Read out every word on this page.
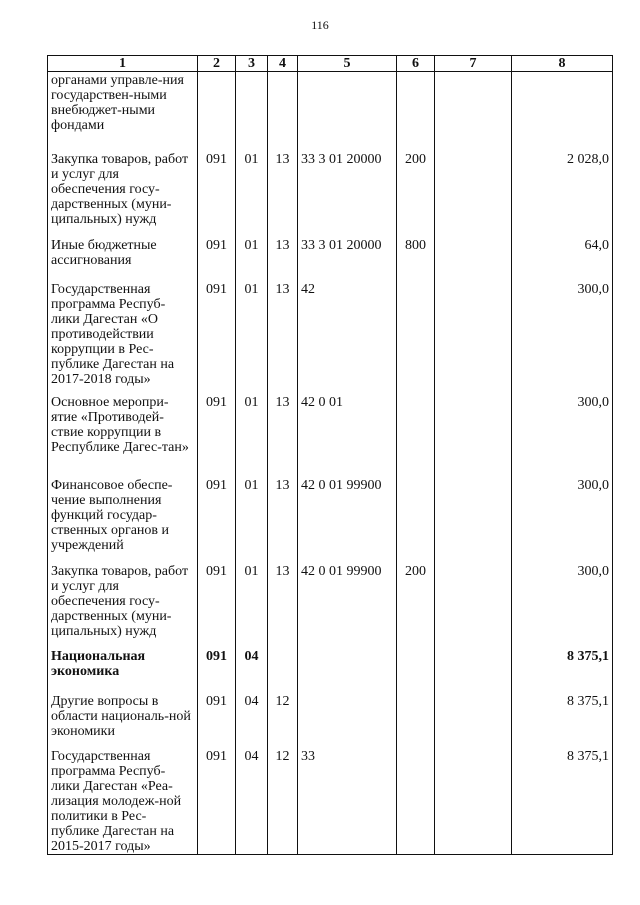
116
1	2	3	4	5	6	7	8
органами управле-ния государствен-ными внебюджет-ными фондами							
Закупка товаров, работ и услуг для обеспечения госу-дарственных (муни-ципальных) нужд	091	01	13	33 3 01 20000	200		2 028,0
Иные бюджетные ассигнования	091	01	13	33 3 01 20000	800		64,0
Государственная программа Респуб-лики Дагестан «О противодействии коррупции в Рес-публике Дагестан на 2017-2018 годы»	091	01	13	42			300,0
Основное меропри-ятие «Противодей-ствие коррупции в Республике Дагес-тан»	091	01	13	42 0 01			300,0
Финансовое обеспе-чение выполнения функций государ-ственных органов и учреждений	091	01	13	42 0 01 99900			300,0
Закупка товаров, работ и услуг для обеспечения госу-дарственных (муни-ципальных) нужд	091	01	13	42 0 01 99900	200		300,0
Национальная экономика	091	04					8 375,1
Другие вопросы в области националь-ной экономики	091	04	12				8 375,1
Государственная программа Респуб-лики Дагестан «Реа-лизация молодеж-ной политики в Рес-публике Дагестан на 2015-2017 годы»	091	04	12	33			8 375,1
